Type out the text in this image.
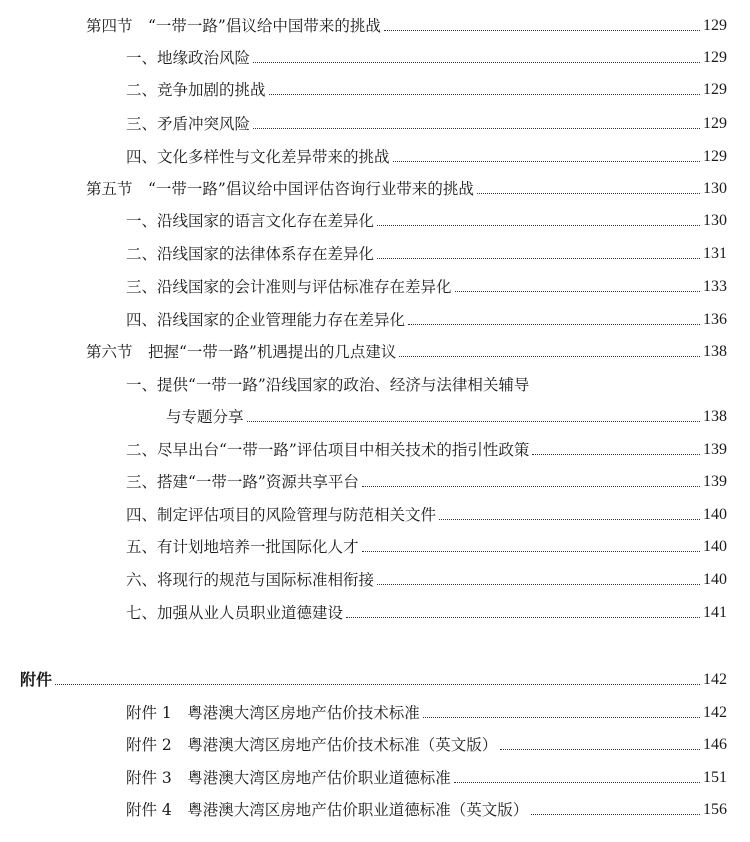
第四节　“一带一路”倡议给中国带来的挑战	129
一、地缘政治风险	129
二、竞争加剧的挑战	129
三、矛盾冲突风险	129
四、文化多样性与文化差异带来的挑战	129
第五节　“一带一路”倡议给中国评估咨询行业带来的挑战	130
一、沿线国家的语言文化存在差异化	130
二、沿线国家的法律体系存在差异化	131
三、沿线国家的会计准则与评估标准存在差异化	133
四、沿线国家的企业管理能力存在差异化	136
第六节　把握“一带一路”机遇提出的几点建议	138
一、提供“一带一路”沿线国家的政治、经济与法律相关辅导
与专题分享	138
二、尽早出台“一带一路”评估项目中相关技术的指引性政策	139
三、搭建“一带一路”资源共享平台	139
四、制定评估项目的风险管理与防范相关文件	140
五、有计划地培养一批国际化人才	140
六、将现行的规范与国际标准相衔接	140
七、加强从业人员职业道德建设	141
附件	142
附件 1　粤港澳大湾区房地产估价技术标准	142
附件 2　粤港澳大湾区房地产估价技术标准（英文版）	146
附件 3　粤港澳大湾区房地产估价职业道德标准	151
附件 4　粤港澳大湾区房地产估价职业道德标准（英文版）	156
